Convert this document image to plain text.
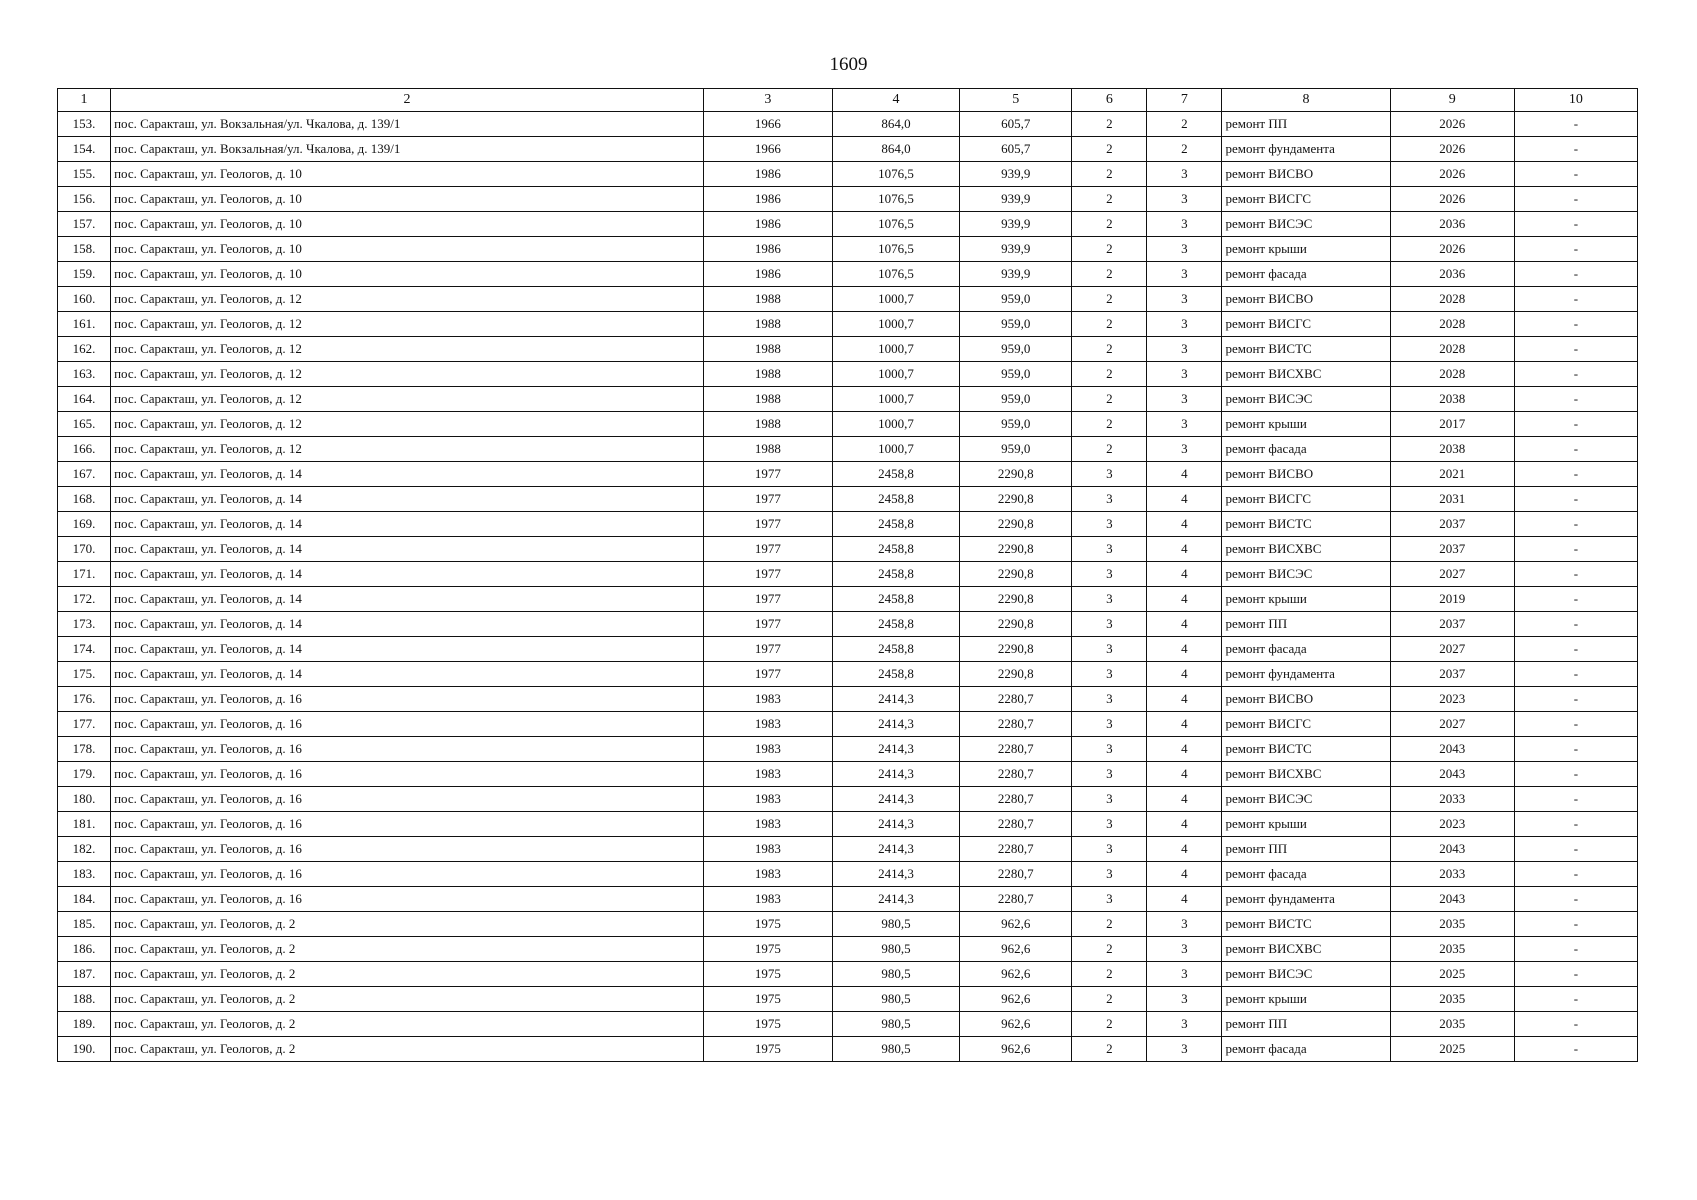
1609
1	2	3	4	5	6	7	8	9	10
153.	пос. Саракташ, ул. Вокзальная/ул. Чкалова, д. 139/1	1966	864,0	605,7	2	2	ремонт ПП	2026	-
154.	пос. Саракташ, ул. Вокзальная/ул. Чкалова, д. 139/1	1966	864,0	605,7	2	2	ремонт фундамента	2026	-
155.	пос. Саракташ, ул. Геологов, д. 10	1986	1076,5	939,9	2	3	ремонт ВИСВО	2026	-
156.	пос. Саракташ, ул. Геологов, д. 10	1986	1076,5	939,9	2	3	ремонт ВИСГС	2026	-
157.	пос. Саракташ, ул. Геологов, д. 10	1986	1076,5	939,9	2	3	ремонт ВИСЭС	2036	-
158.	пос. Саракташ, ул. Геологов, д. 10	1986	1076,5	939,9	2	3	ремонт крыши	2026	-
159.	пос. Саракташ, ул. Геологов, д. 10	1986	1076,5	939,9	2	3	ремонт фасада	2036	-
160.	пос. Саракташ, ул. Геологов, д. 12	1988	1000,7	959,0	2	3	ремонт ВИСВО	2028	-
161.	пос. Саракташ, ул. Геологов, д. 12	1988	1000,7	959,0	2	3	ремонт ВИСГС	2028	-
162.	пос. Саракташ, ул. Геологов, д. 12	1988	1000,7	959,0	2	3	ремонт ВИСТС	2028	-
163.	пос. Саракташ, ул. Геологов, д. 12	1988	1000,7	959,0	2	3	ремонт ВИСХВС	2028	-
164.	пос. Саракташ, ул. Геологов, д. 12	1988	1000,7	959,0	2	3	ремонт ВИСЭС	2038	-
165.	пос. Саракташ, ул. Геологов, д. 12	1988	1000,7	959,0	2	3	ремонт крыши	2017	-
166.	пос. Саракташ, ул. Геологов, д. 12	1988	1000,7	959,0	2	3	ремонт фасада	2038	-
167.	пос. Саракташ, ул. Геологов, д. 14	1977	2458,8	2290,8	3	4	ремонт ВИСВО	2021	-
168.	пос. Саракташ, ул. Геологов, д. 14	1977	2458,8	2290,8	3	4	ремонт ВИСГС	2031	-
169.	пос. Саракташ, ул. Геологов, д. 14	1977	2458,8	2290,8	3	4	ремонт ВИСТС	2037	-
170.	пос. Саракташ, ул. Геологов, д. 14	1977	2458,8	2290,8	3	4	ремонт ВИСХВС	2037	-
171.	пос. Саракташ, ул. Геологов, д. 14	1977	2458,8	2290,8	3	4	ремонт ВИСЭС	2027	-
172.	пос. Саракташ, ул. Геологов, д. 14	1977	2458,8	2290,8	3	4	ремонт крыши	2019	-
173.	пос. Саракташ, ул. Геологов, д. 14	1977	2458,8	2290,8	3	4	ремонт ПП	2037	-
174.	пос. Саракташ, ул. Геологов, д. 14	1977	2458,8	2290,8	3	4	ремонт фасада	2027	-
175.	пос. Саракташ, ул. Геологов, д. 14	1977	2458,8	2290,8	3	4	ремонт фундамента	2037	-
176.	пос. Саракташ, ул. Геологов, д. 16	1983	2414,3	2280,7	3	4	ремонт ВИСВО	2023	-
177.	пос. Саракташ, ул. Геологов, д. 16	1983	2414,3	2280,7	3	4	ремонт ВИСГС	2027	-
178.	пос. Саракташ, ул. Геологов, д. 16	1983	2414,3	2280,7	3	4	ремонт ВИСТС	2043	-
179.	пос. Саракташ, ул. Геологов, д. 16	1983	2414,3	2280,7	3	4	ремонт ВИСХВС	2043	-
180.	пос. Саракташ, ул. Геологов, д. 16	1983	2414,3	2280,7	3	4	ремонт ВИСЭС	2033	-
181.	пос. Саракташ, ул. Геологов, д. 16	1983	2414,3	2280,7	3	4	ремонт крыши	2023	-
182.	пос. Саракташ, ул. Геологов, д. 16	1983	2414,3	2280,7	3	4	ремонт ПП	2043	-
183.	пос. Саракташ, ул. Геологов, д. 16	1983	2414,3	2280,7	3	4	ремонт фасада	2033	-
184.	пос. Саракташ, ул. Геологов, д. 16	1983	2414,3	2280,7	3	4	ремонт фундамента	2043	-
185.	пос. Саракташ, ул. Геологов, д. 2	1975	980,5	962,6	2	3	ремонт ВИСТС	2035	-
186.	пос. Саракташ, ул. Геологов, д. 2	1975	980,5	962,6	2	3	ремонт ВИСХВС	2035	-
187.	пос. Саракташ, ул. Геологов, д. 2	1975	980,5	962,6	2	3	ремонт ВИСЭС	2025	-
188.	пос. Саракташ, ул. Геологов, д. 2	1975	980,5	962,6	2	3	ремонт крыши	2035	-
189.	пос. Саракташ, ул. Геологов, д. 2	1975	980,5	962,6	2	3	ремонт ПП	2035	-
190.	пос. Саракташ, ул. Геологов, д. 2	1975	980,5	962,6	2	3	ремонт фасада	2025	-
